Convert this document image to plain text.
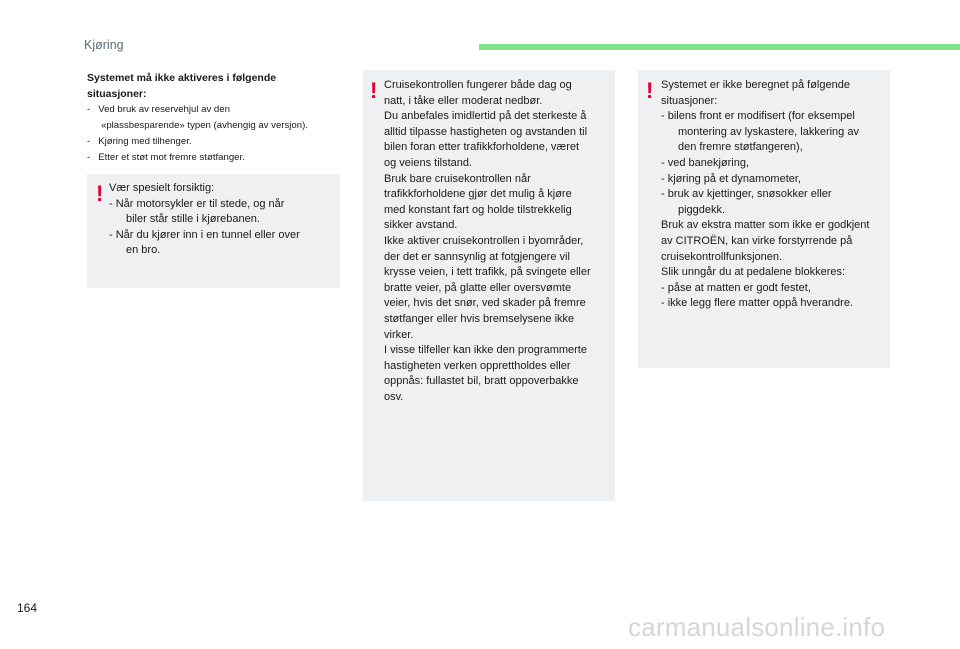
Kjøring
Systemet må ikke aktiveres i følgende
situasjoner:
- Ved bruk av reservehjul av den
«plassbesparende» typen (avhengig av versjon).
- Kjøring med tilhenger.
- Etter et støt mot fremre støtfanger.
! Vær spesielt forsiktig:
- Når motorsykler er til stede, og når
biler står stille i kjørebanen.
- Når du kjører inn i en tunnel eller over
en bro.
! Cruisekontrollen fungerer både dag og
natt, i tåke eller moderat nedbør.
Du anbefales imidlertid på det sterkeste å
alltid tilpasse hastigheten og avstanden til
bilen foran etter trafikkforholdene, været
og veiens tilstand.
Bruk bare cruisekontrollen når
trafikkforholdene gjør det mulig å kjøre
med konstant fart og holde tilstrekkelig
sikker avstand.
Ikke aktiver cruisekontrollen i byområder,
der det er sannsynlig at fotgjengere vil
krysse veien, i tett trafikk, på svingete eller
bratte veier, på glatte eller oversvømte
veier, hvis det snør, ved skader på fremre
støtfanger eller hvis bremselysene ikke
virker.
I visse tilfeller kan ikke den programmerte
hastigheten verken opprettholdes eller
oppnås: fullastet bil, bratt oppoverbakke
osv.
! Systemet er ikke beregnet på følgende
situasjoner:
- bilens front er modifisert (for eksempel
montering av lyskastere, lakkering av
den fremre støtfangeren),
- ved banekjøring,
- kjøring på et dynamometer,
- bruk av kjettinger, snøsokker eller
piggdekk.
Bruk av ekstra matter som ikke er godkjent
av CITROËN, kan virke forstyrrende på
cruisekontrollfunksjonen.
Slik unngår du at pedalene blokkeres:
- påse at matten er godt festet,
- ikke legg flere matter oppå hverandre.
164
carmanualsonline.info
